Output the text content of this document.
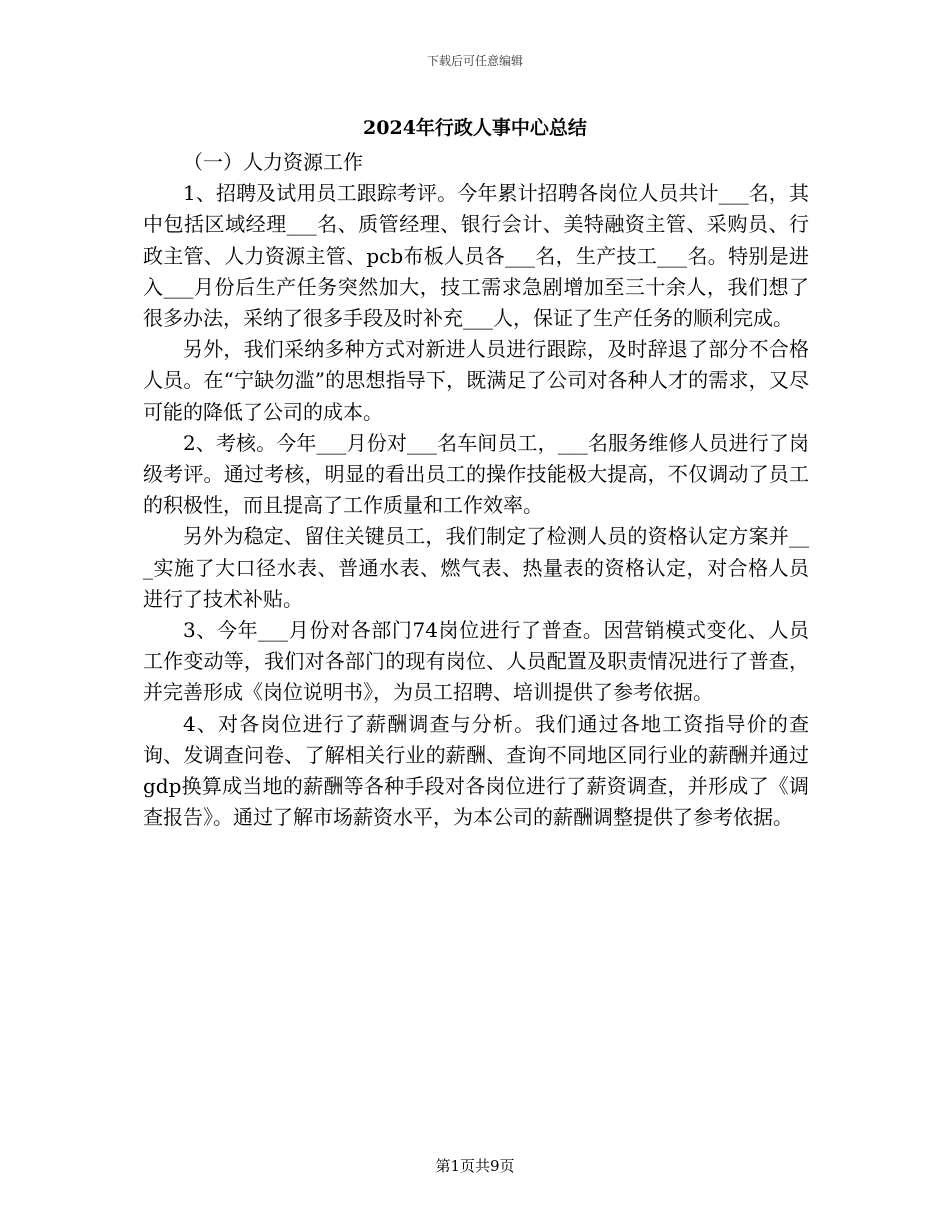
下载后可任意编辑
2024年行政人事中心总结

（一）人力资源工作

1、招聘及试用员工跟踪考评。今年累计招聘各岗位人员共计___名，其中包括区域经理___名、质管经理、银行会计、美特融资主管、采购员、行政主管、人力资源主管、pcb布板人员各___名，生产技工___名。特别是进入___月份后生产任务突然加大，技工需求急剧增加至三十余人，我们想了很多办法，采纳了很多手段及时补充___人，保证了生产任务的顺利完成。

另外，我们采纳多种方式对新进人员进行跟踪，及时辞退了部分不合格人员。在“宁缺勿滥”的思想指导下，既满足了公司对各种人才的需求，又尽可能的降低了公司的成本。

2、考核。今年___月份对___名车间员工，___名服务维修人员进行了岗级考评。通过考核，明显的看出员工的操作技能极大提高，不仅调动了员工的积极性，而且提高了工作质量和工作效率。

另外为稳定、留住关键员工，我们制定了检测人员的资格认定方案并___实施了大口径水表、普通水表、燃气表、热量表的资格认定，对合格人员进行了技术补贴。

3、今年___月份对各部门74岗位进行了普查。因营销模式变化、人员工作变动等，我们对各部门的现有岗位、人员配置及职责情况进行了普查，并完善形成《岗位说明书》，为员工招聘、培训提供了参考依据。

4、对各岗位进行了薪酬调查与分析。我们通过各地工资指导价的查询、发调查问卷、了解相关行业的薪酬、查询不同地区同行业的薪酬并通过gdp换算成当地的薪酬等各种手段对各岗位进行了薪资调查，并形成了《调查报告》。通过了解市场薪资水平，为本公司的薪酬调整提供了参考依据。

第1页共9页
